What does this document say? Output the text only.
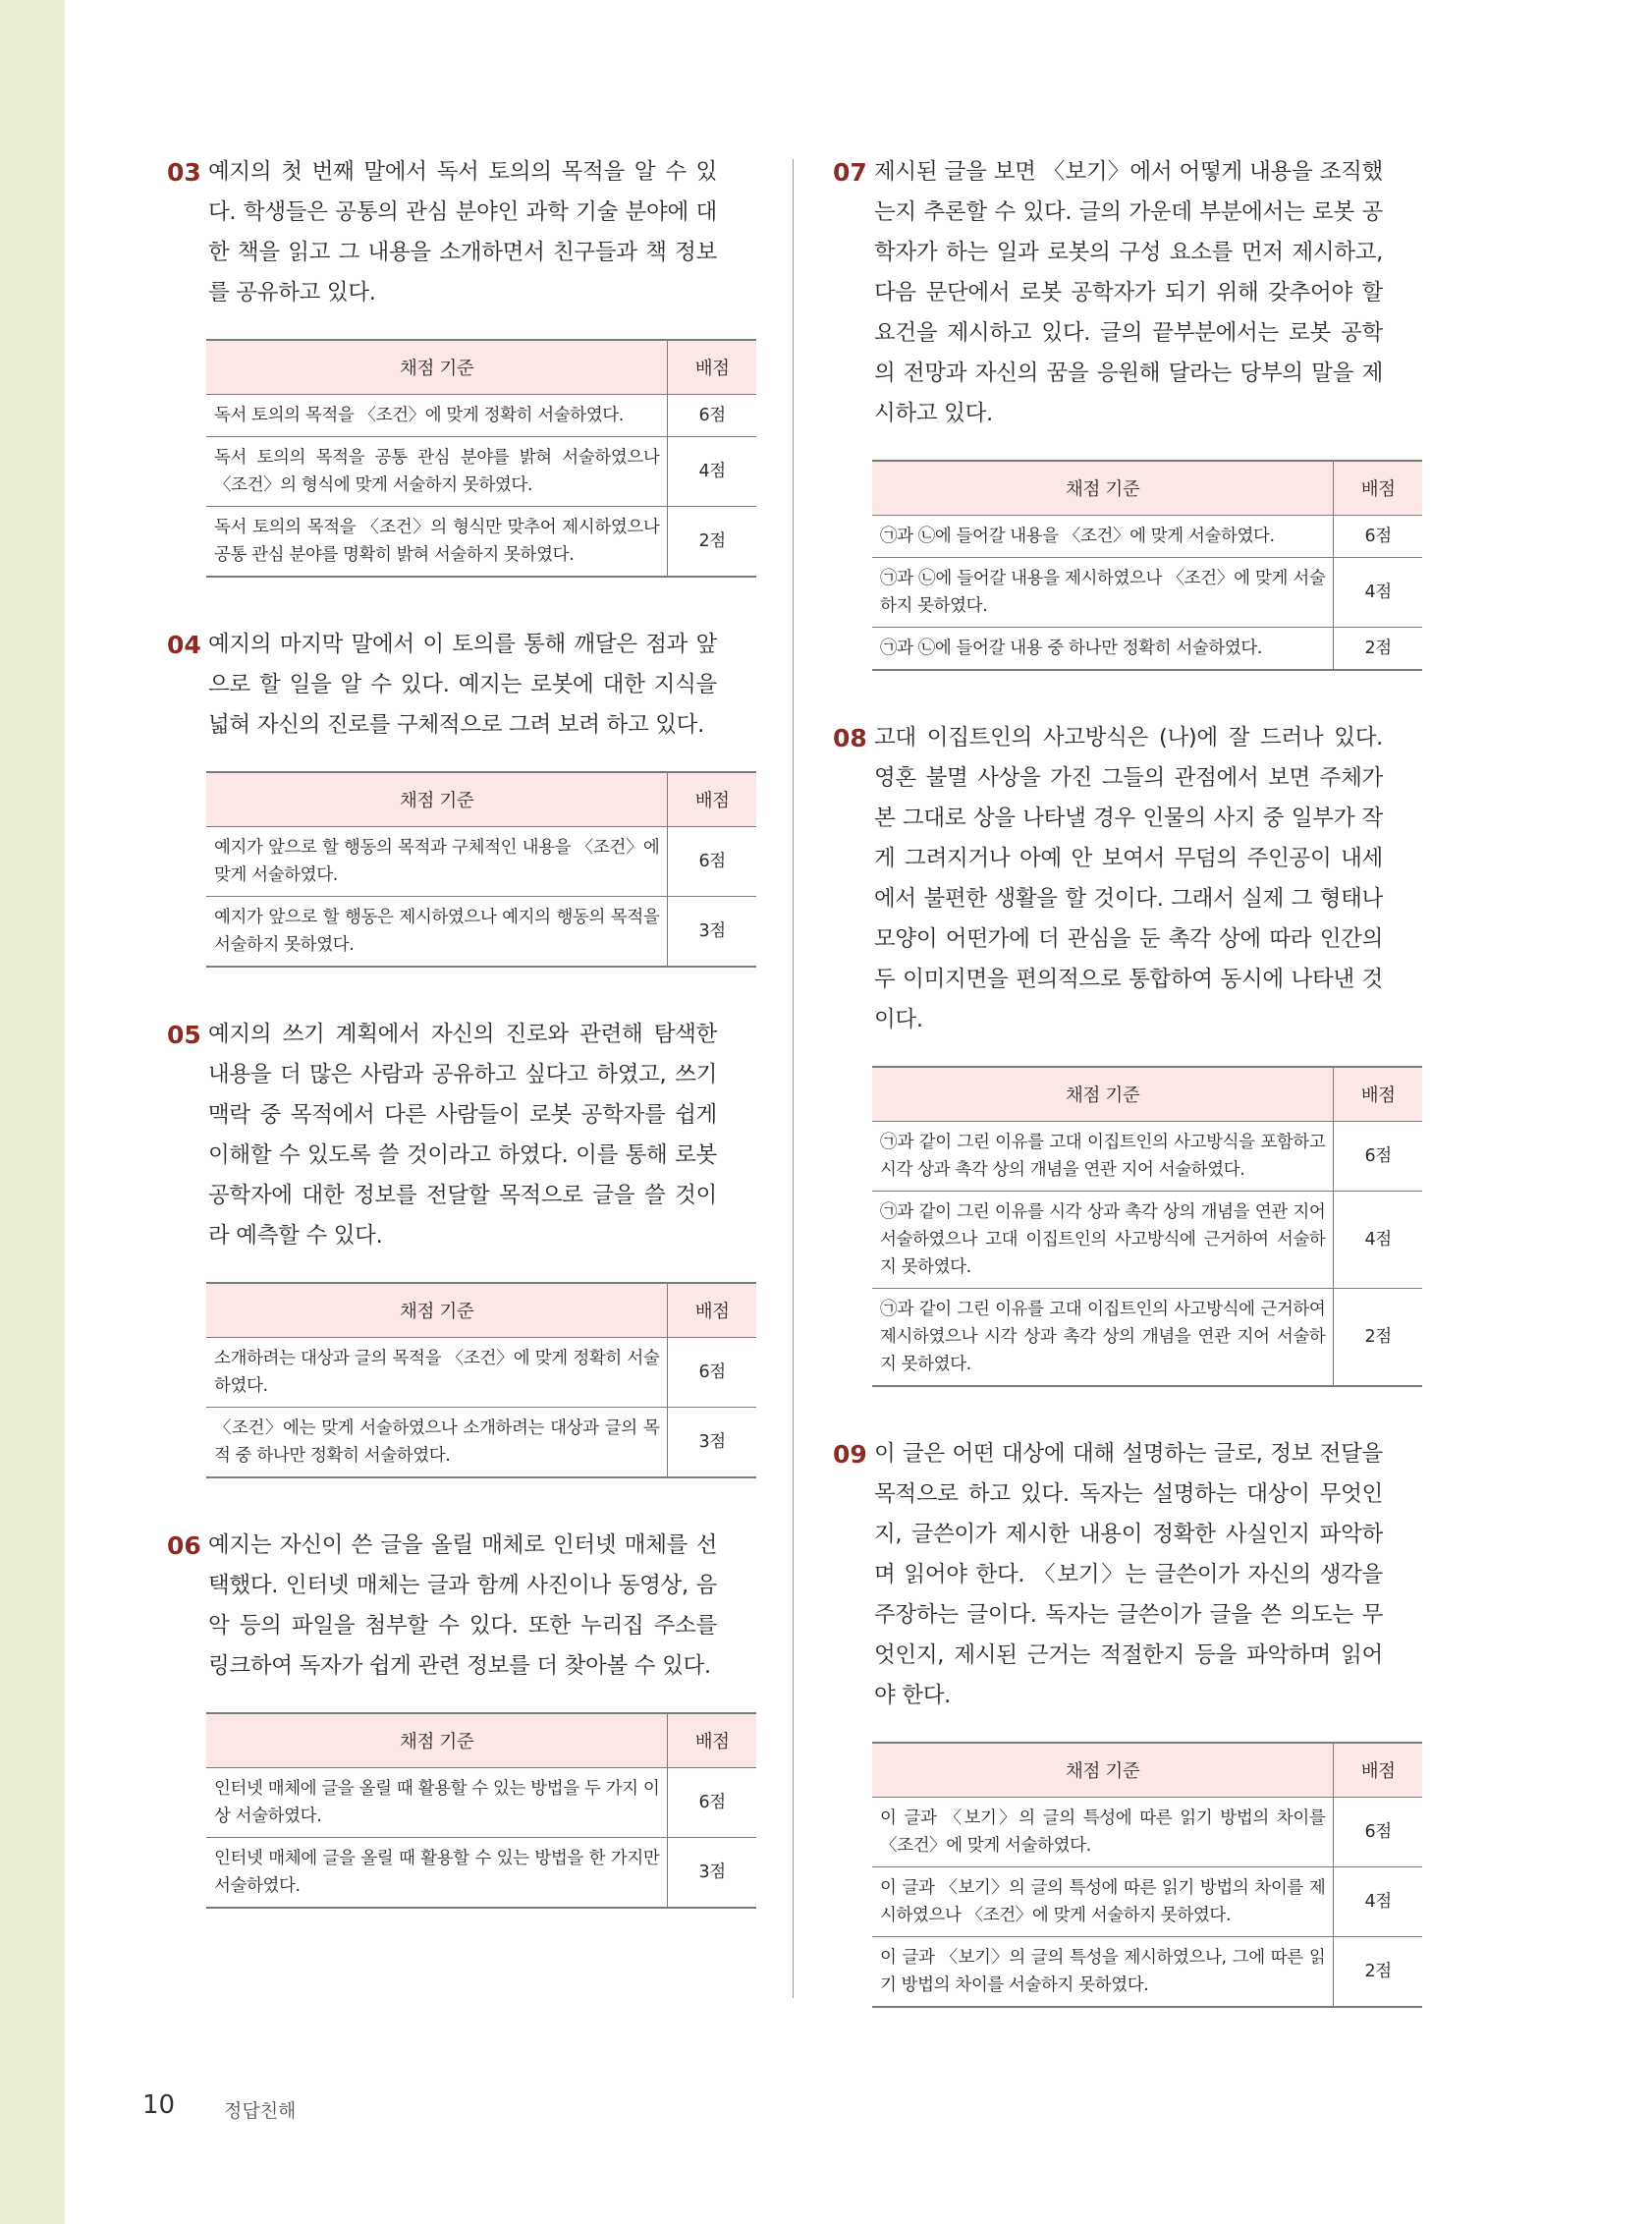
03 예지의 첫 번째 말에서 독서 토의의 목적을 알 수 있다. 학생들은 공통의 관심 분야인 과학 기술 분야에 대한 책을 읽고 그 내용을 소개하면서 친구들과 책 정보를 공유하고 있다.
채점 기준	배점
독서 토의의 목적을 〈조건〉에 맞게 정확히 서술하였다.	6점
독서 토의의 목적을 공통 관심 분야를 밝혀 서술하였으나 〈조건〉의 형식에 맞게 서술하지 못하였다.	4점
독서 토의의 목적을 〈조건〉의 형식만 맞추어 제시하였으나 공통 관심 분야를 명확히 밝혀 서술하지 못하였다.	2점
04 예지의 마지막 말에서 이 토의를 통해 깨달은 점과 앞으로 할 일을 알 수 있다. 예지는 로봇에 대한 지식을 넓혀 자신의 진로를 구체적으로 그려 보려 하고 있다.
채점 기준	배점
예지가 앞으로 할 행동의 목적과 구체적인 내용을 〈조건〉에 맞게 서술하였다.	6점
예지가 앞으로 할 행동은 제시하였으나 예지의 행동의 목적을 서술하지 못하였다.	3점
05 예지의 쓰기 계획에서 자신의 진로와 관련해 탐색한 내용을 더 많은 사람과 공유하고 싶다고 하였고, 쓰기 맥락 중 목적에서 다른 사람들이 로봇 공학자를 쉽게 이해할 수 있도록 쓸 것이라고 하였다. 이를 통해 로봇 공학자에 대한 정보를 전달할 목적으로 글을 쓸 것이라 예측할 수 있다.
채점 기준	배점
소개하려는 대상과 글의 목적을 〈조건〉에 맞게 정확히 서술하였다.	6점
〈조건〉에는 맞게 서술하였으나 소개하려는 대상과 글의 목적 중 하나만 정확히 서술하였다.	3점
06 예지는 자신이 쓴 글을 올릴 매체로 인터넷 매체를 선택했다. 인터넷 매체는 글과 함께 사진이나 동영상, 음악 등의 파일을 첨부할 수 있다. 또한 누리집 주소를 링크하여 독자가 쉽게 관련 정보를 더 찾아볼 수 있다.
채점 기준	배점
인터넷 매체에 글을 올릴 때 활용할 수 있는 방법을 두 가지 이상 서술하였다.	6점
인터넷 매체에 글을 올릴 때 활용할 수 있는 방법을 한 가지만 서술하였다.	3점
07 제시된 글을 보면 〈보기〉에서 어떻게 내용을 조직했는지 추론할 수 있다. 글의 가운데 부분에서는 로봇 공학자가 하는 일과 로봇의 구성 요소를 먼저 제시하고, 다음 문단에서 로봇 공학자가 되기 위해 갖추어야 할 요건을 제시하고 있다. 글의 끝부분에서는 로봇 공학의 전망과 자신의 꿈을 응원해 달라는 당부의 말을 제시하고 있다.
채점 기준	배점
㉠과 ㉡에 들어갈 내용을 〈조건〉에 맞게 서술하였다.	6점
㉠과 ㉡에 들어갈 내용을 제시하였으나 〈조건〉에 맞게 서술하지 못하였다.	4점
㉠과 ㉡에 들어갈 내용 중 하나만 정확히 서술하였다.	2점
08 고대 이집트인의 사고방식은 (나)에 잘 드러나 있다. 영혼 불멸 사상을 가진 그들의 관점에서 보면 주체가 본 그대로 상을 나타낼 경우 인물의 사지 중 일부가 작게 그려지거나 아예 안 보여서 무덤의 주인공이 내세에서 불편한 생활을 할 것이다. 그래서 실제 그 형태나 모양이 어떤가에 더 관심을 둔 촉각 상에 따라 인간의 두 이미지면을 편의적으로 통합하여 동시에 나타낸 것이다.
채점 기준	배점
㉠과 같이 그린 이유를 고대 이집트인의 사고방식을 포함하고 시각 상과 촉각 상의 개념을 연관 지어 서술하였다.	6점
㉠과 같이 그린 이유를 시각 상과 촉각 상의 개념을 연관 지어 서술하였으나 고대 이집트인의 사고방식에 근거하여 서술하지 못하였다.	4점
㉠과 같이 그린 이유를 고대 이집트인의 사고방식에 근거하여 제시하였으나 시각 상과 촉각 상의 개념을 연관 지어 서술하지 못하였다.	2점
09 이 글은 어떤 대상에 대해 설명하는 글로, 정보 전달을 목적으로 하고 있다. 독자는 설명하는 대상이 무엇인지, 글쓴이가 제시한 내용이 정확한 사실인지 파악하며 읽어야 한다. 〈보기〉는 글쓴이가 자신의 생각을 주장하는 글이다. 독자는 글쓴이가 글을 쓴 의도는 무엇인지, 제시된 근거는 적절한지 등을 파악하며 읽어야 한다.
채점 기준	배점
이 글과 〈보기〉의 글의 특성에 따른 읽기 방법의 차이를 〈조건〉에 맞게 서술하였다.	6점
이 글과 〈보기〉의 글의 특성에 따른 읽기 방법의 차이를 제시하였으나 〈조건〉에 맞게 서술하지 못하였다.	4점
이 글과 〈보기〉의 글의 특성을 제시하였으나, 그에 따른 읽기 방법의 차이를 서술하지 못하였다.	2점
10	정답친해
